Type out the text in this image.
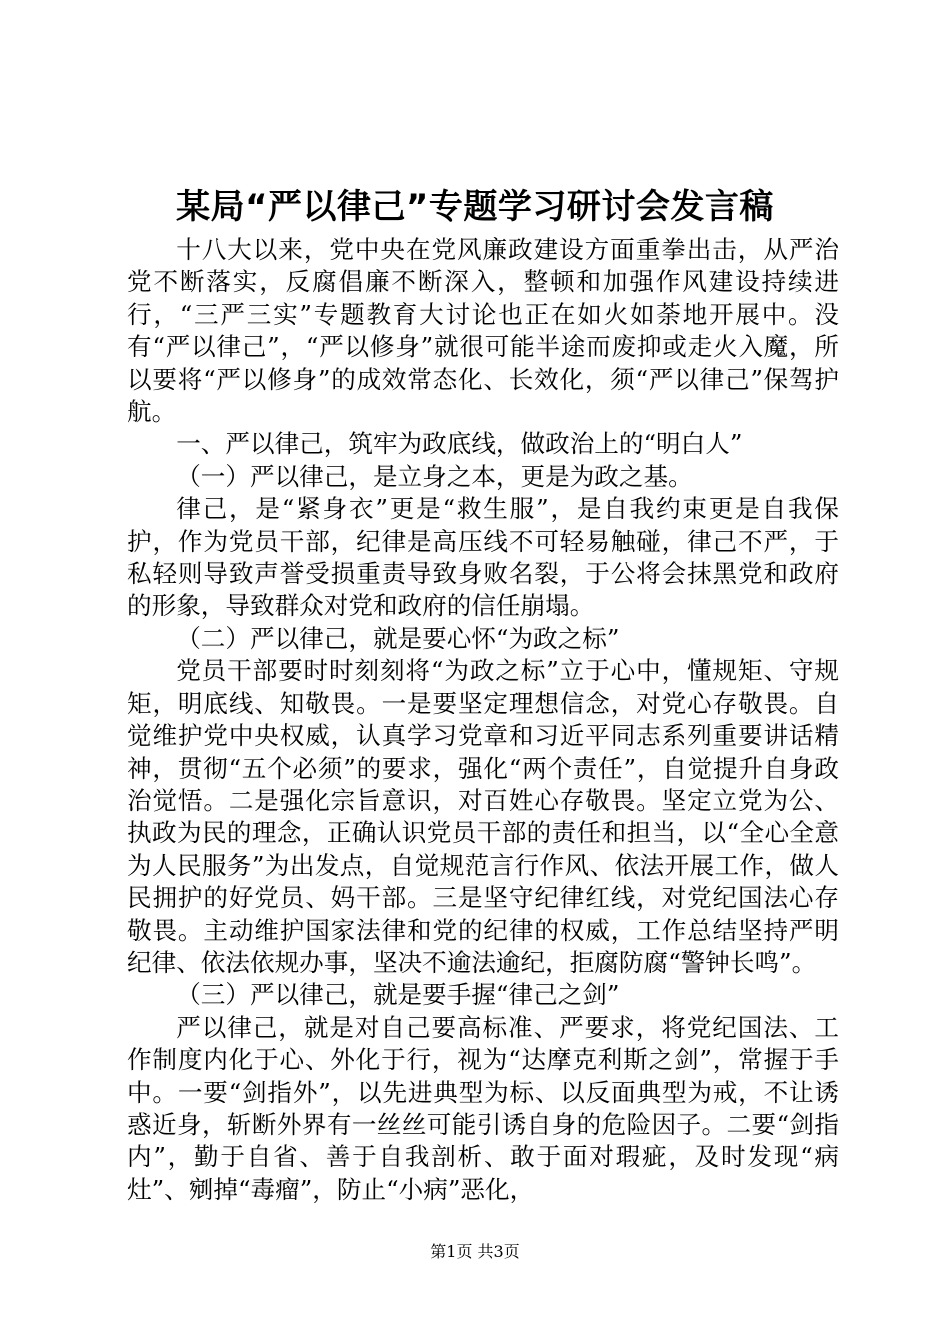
某局“严以律己”专题学习研讨会发言稿

十八大以来，党中央在党风廉政建设方面重拳出击，从严治党不断落实，反腐倡廉不断深入，整顿和加强作风建设持续进行，“三严三实”专题教育大讨论也正在如火如荼地开展中。没有“严以律己”，“严以修身”就很可能半途而废抑或走火入魔，所以要将“严以修身”的成效常态化、长效化，须“严以律己”保驾护航。

一、严以律己，筑牢为政底线，做政治上的“明白人”

（一）严以律己，是立身之本，更是为政之基。

律己，是“紧身衣”更是“救生服”，是自我约束更是自我保护，作为党员干部，纪律是高压线不可轻易触碰，律己不严，于私轻则导致声誉受损重责导致身败名裂，于公将会抹黑党和政府的形象，导致群众对党和政府的信任崩塌。

（二）严以律己，就是要心怀“为政之标”

党员干部要时时刻刻将“为政之标”立于心中，懂规矩、守规矩，明底线、知敬畏。一是要坚定理想信念，对党心存敬畏。自觉维护党中央权威，认真学习党章和习近平同志系列重要讲话精神，贯彻“五个必须”的要求，强化“两个责任”，自觉提升自身政治觉悟。二是强化宗旨意识，对百姓心存敬畏。坚定立党为公、执政为民的理念，正确认识党员干部的责任和担当，以“全心全意为人民服务”为出发点，自觉规范言行作风、依法开展工作，做人民拥护的好党员、妈干部。三是坚守纪律红线，对党纪国法心存敬畏。主动维护国家法律和党的纪律的权威，工作总结坚持严明纪律、依法依规办事，坚决不逾法逾纪，拒腐防腐“警钟长鸣”。

（三）严以律己，就是要手握“律己之剑”

严以律己，就是对自己要高标准、严要求，将党纪国法、工作制度内化于心、外化于行，视为“达摩克利斯之剑”，常握于手中。一要“剑指外”，以先进典型为标、以反面典型为戒，不让诱惑近身，斩断外界有一丝丝可能引诱自身的危险因子。二要“剑指内”，勤于自省、善于自我剖析、敢于面对瑕疵，及时发现“病灶”、剜掉“毒瘤”，防止“小病”恶化，

第1页 共3页
